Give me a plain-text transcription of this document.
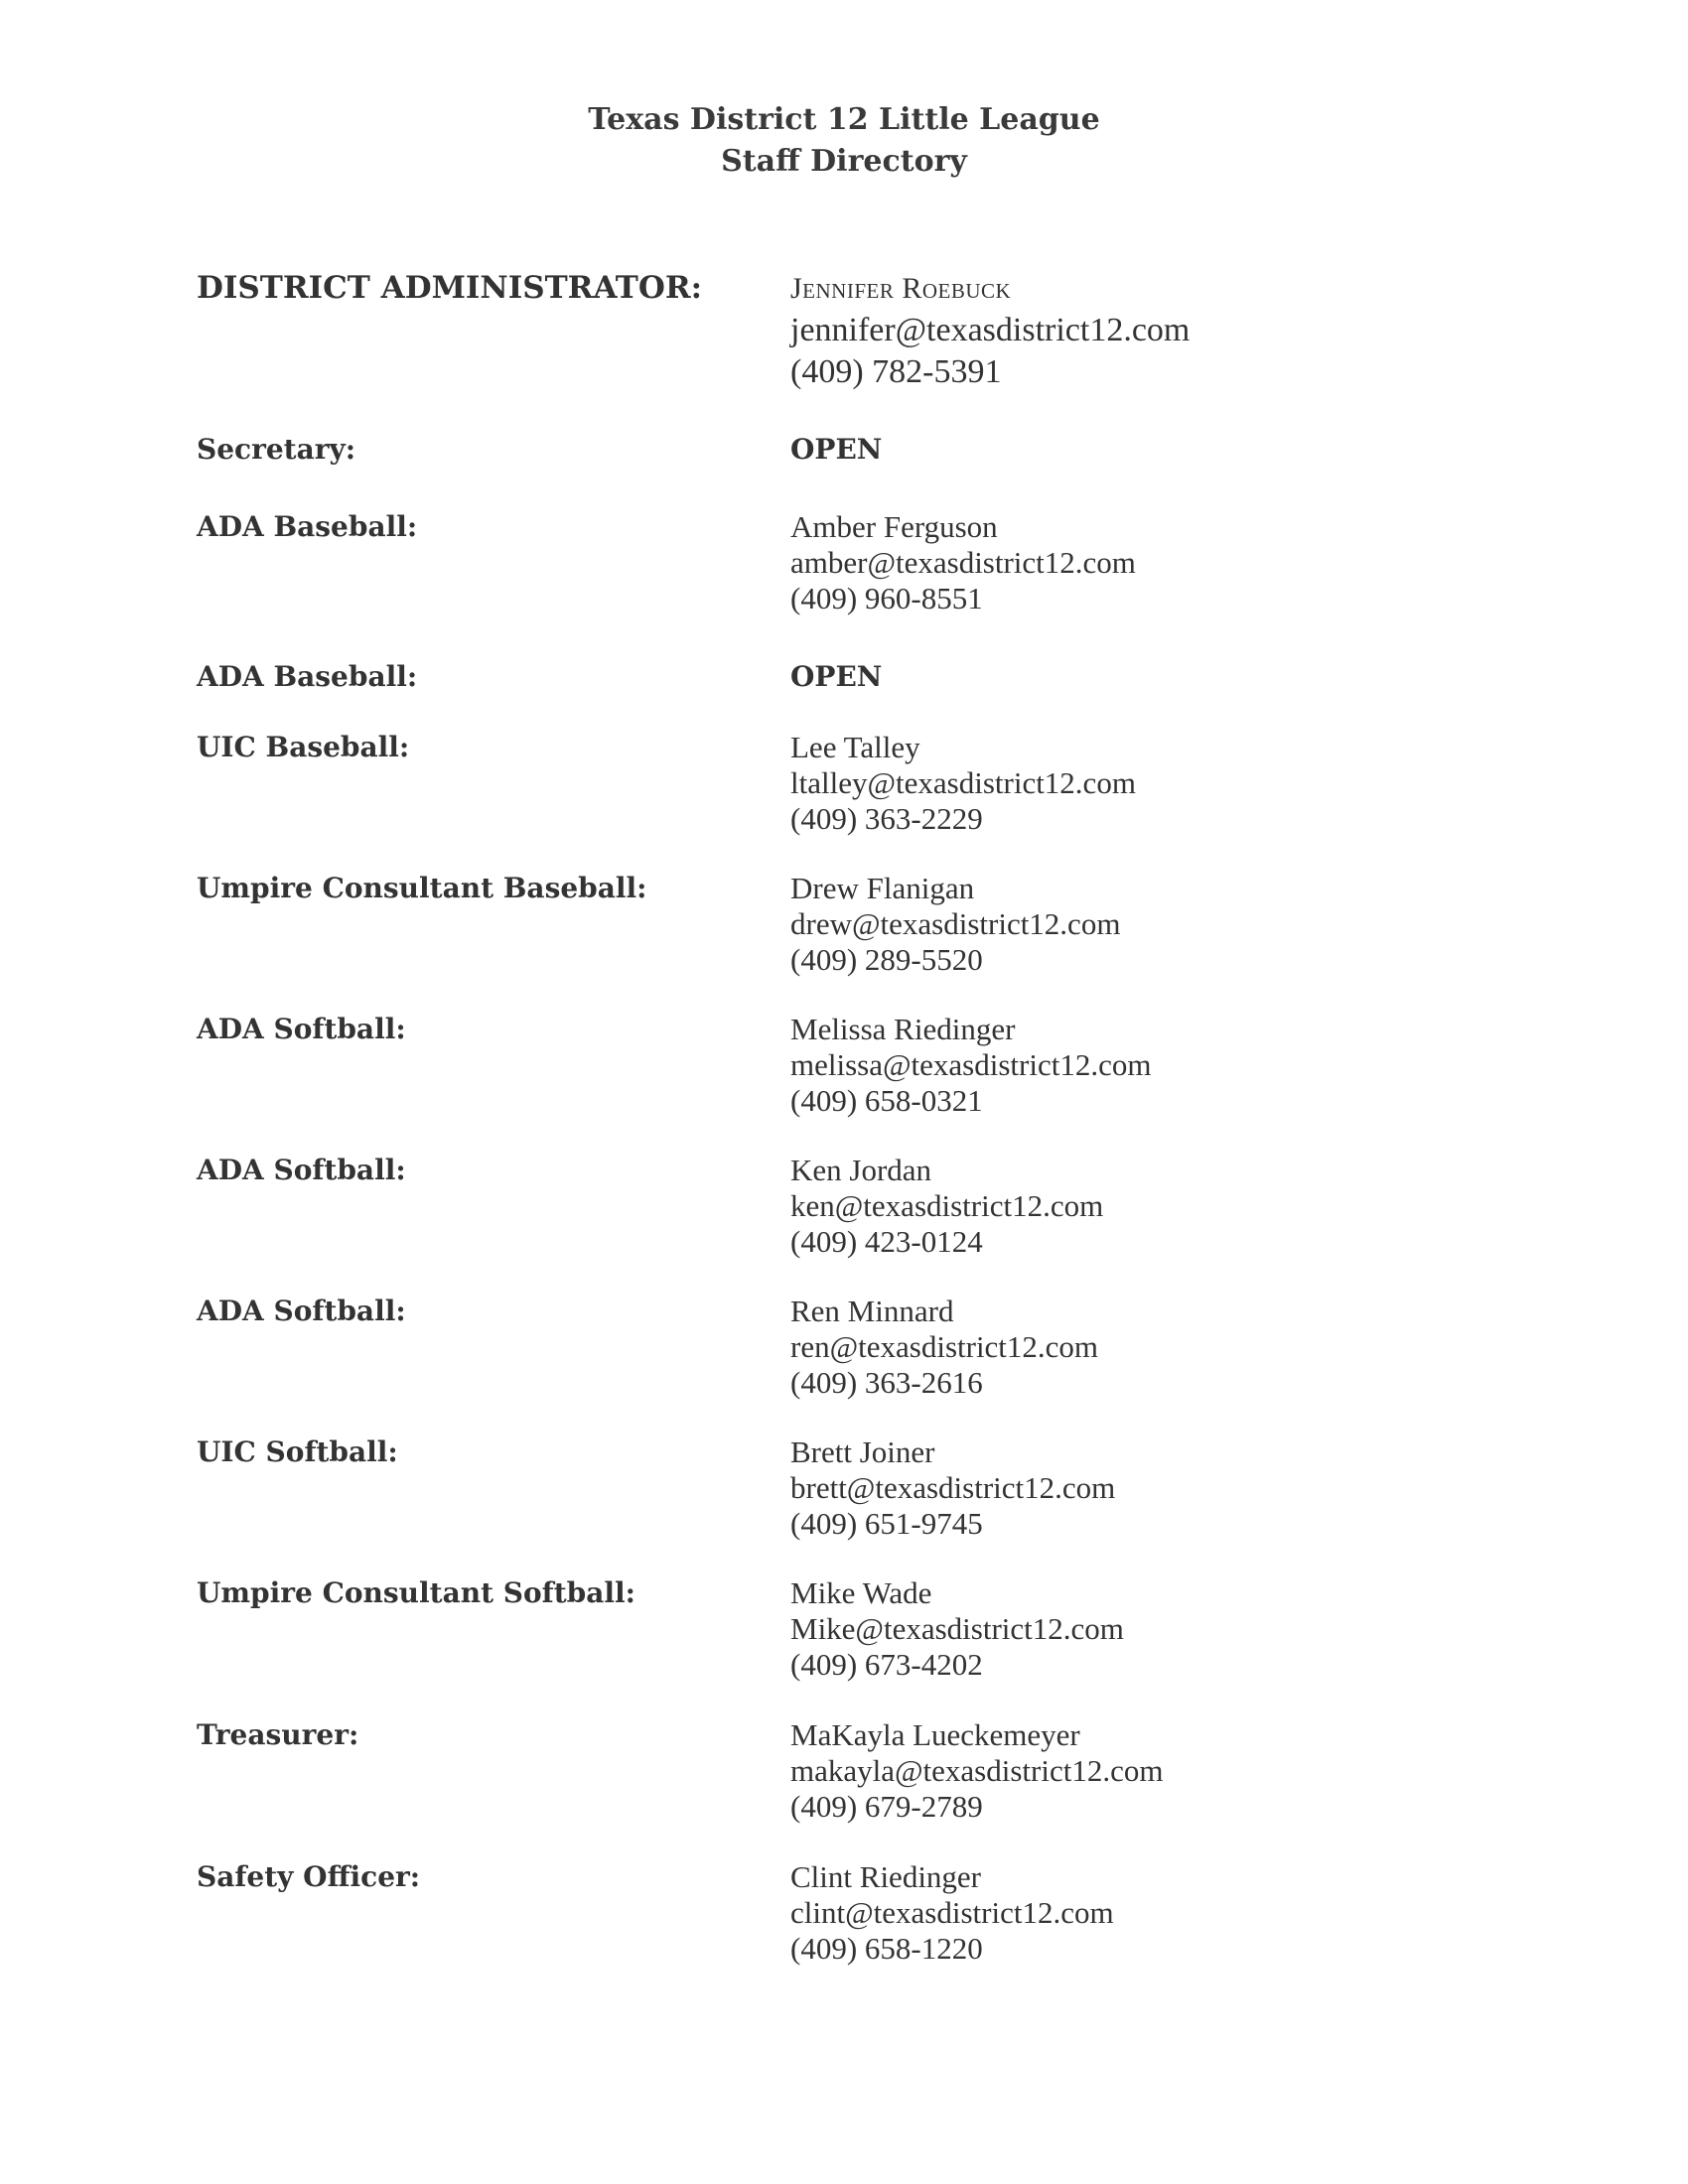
Texas District 12 Little League
Staff Directory
DISTRICT ADMINISTRATOR:	Jennifer Roebuck
jennifer@texasdistrict12.com
(409) 782-5391
Secretary:	OPEN
ADA Baseball:	Amber Ferguson
amber@texasdistrict12.com
(409) 960-8551
ADA Baseball:	OPEN
UIC Baseball:	Lee Talley
ltalley@texasdistrict12.com
(409) 363-2229
Umpire Consultant Baseball:	Drew Flanigan
drew@texasdistrict12.com
(409) 289-5520
ADA Softball:	Melissa Riedinger
melissa@texasdistrict12.com
(409) 658-0321
ADA Softball:	Ken Jordan
ken@texasdistrict12.com
(409) 423-0124
ADA Softball:	Ren Minnard
ren@texasdistrict12.com
(409) 363-2616
UIC Softball:	Brett Joiner
brett@texasdistrict12.com
(409) 651-9745
Umpire Consultant Softball:	Mike Wade
Mike@texasdistrict12.com
(409) 673-4202
Treasurer:	MaKayla Lueckemeyer
makayla@texasdistrict12.com
(409) 679-2789
Safety Officer:	Clint Riedinger
clint@texasdistrict12.com
(409) 658-1220
